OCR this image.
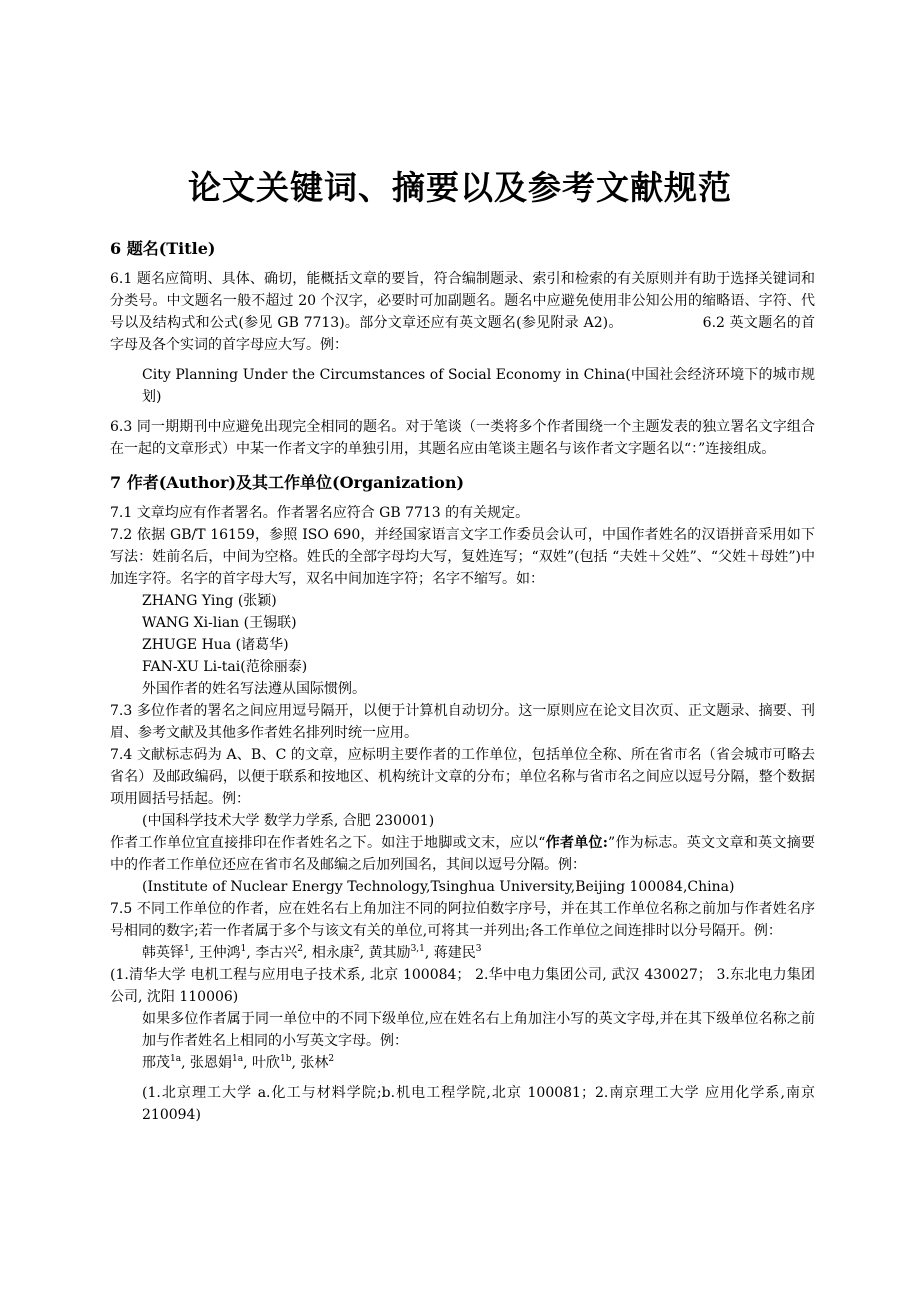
论文关键词、摘要以及参考文献规范
6 题名(Title)

6.1 题名应简明、具体、确切，能概括文章的要旨，符合编制题录、索引和检索的有关原则并有助于选择关键词和分类号。中文题名一般不超过 20 个汉字，必要时可加副题名。题名中应避免使用非公知公用的缩略语、字符、代号以及结构式和公式(参见 GB 7713)。部分文章还应有英文题名(参见附录 A2)。	6.2 英文题名的首字母及各个实词的首字母应大写。例：

City Planning Under the Circumstances of Social Economy in China(中国社会经济环境下的城市规划)

6.3 同一期期刊中应避免出现完全相同的题名。对于笔谈（一类将多个作者围绕一个主题发表的独立署名文字组合在一起的文章形式）中某一作者文字的单独引用，其题名应由笔谈主题名与该作者文字题名以“：”连接组成。

7 作者(Author)及其工作单位(Organization)

7.1 文章均应有作者署名。作者署名应符合 GB 7713 的有关规定。

7.2 依据 GB/T 16159，参照 ISO 690，并经国家语言文字工作委员会认可，中国作者姓名的汉语拼音采用如下写法：姓前名后，中间为空格。姓氏的全部字母均大写，复姓连写；“双姓”(包括 “夫姓＋父姓”、“父姓＋母姓”)中加连字符。名字的首字母大写，双名中间加连字符；名字不缩写。如：

ZHANG Ying (张颖)
WANG Xi-lian (王锡联)
ZHUGE Hua (诸葛华)
FAN-XU Li-tai(范徐丽泰)
外国作者的姓名写法遵从国际惯例。

7.3 多位作者的署名之间应用逗号隔开，以便于计算机自动切分。这一原则应在论文目次页、正文题录、摘要、刊眉、参考文献及其他多作者姓名排列时统一应用。

7.4 文献标志码为 A、B、C 的文章，应标明主要作者的工作单位，包括单位全称、所在省市名（省会城市可略去省名）及邮政编码，以便于联系和按地区、机构统计文章的分布；单位名称与省市名之间应以逗号分隔，整个数据项用圆括号括起。例：

(中国科学技术大学 数学力学系, 合肥 230001)

作者工作单位宜直接排印在作者姓名之下。如注于地脚或文末，应以“作者单位:”作为标志。英文文章和英文摘要中的作者工作单位还应在省市名及邮编之后加列国名，其间以逗号分隔。例：

(Institute of Nuclear Energy Technology,Tsinghua University,Beijing 100084,China)

7.5 不同工作单位的作者，应在姓名右上角加注不同的阿拉伯数字序号，并在其工作单位名称之前加与作者姓名序号相同的数字;若一作者属于多个与该文有关的单位,可将其一并列出;各工作单位之间连排时以分号隔开。例：

韩英铎$^1$, 王仲鸿$^1$, 李古兴$^2$, 相永康$^2$, 黄其励$^{3,1}$, 蒋建民$^3$

(1.清华大学 电机工程与应用电子技术系, 北京 100084； 2.华中电力集团公司, 武汉 430027； 3.东北电力集团公司, 沈阳 110006)

如果多位作者属于同一单位中的不同下级单位,应在姓名右上角加注小写的英文字母,并在其下级单位名称之前加与作者姓名上相同的小写英文字母。例：

邢茂$^{1a}$, 张恩娟$^{1a}$, 叶欣$^{1b}$, 张林$^2$

(1.北京理工大学 a.化工与材料学院;b.机电工程学院,北京 100081；2.南京理工大学 应用化学系,南京 210094)
